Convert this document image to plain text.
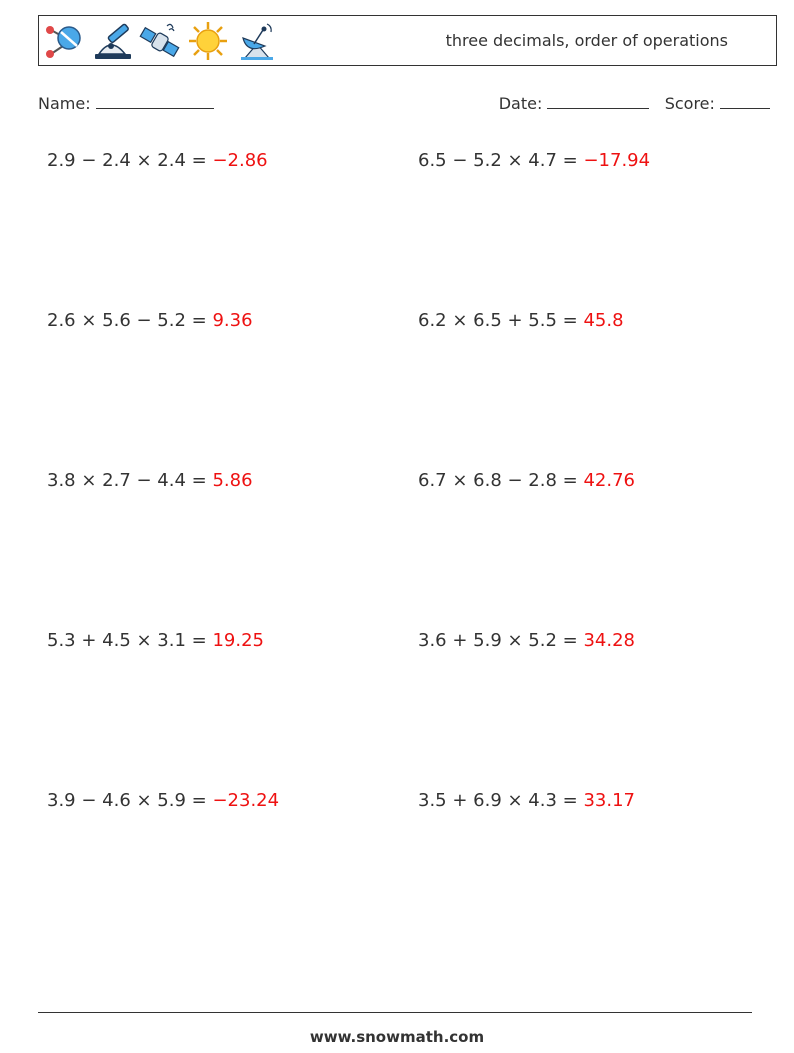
three decimals, order of operations
Name:	Date:	Score:
2.9 − 2.4 × 2.4 = −2.86	6.5 − 5.2 × 4.7 = −17.94
2.6 × 5.6 − 5.2 = 9.36	6.2 × 6.5 + 5.5 = 45.8
3.8 × 2.7 − 4.4 = 5.86	6.7 × 6.8 − 2.8 = 42.76
5.3 + 4.5 × 3.1 = 19.25	3.6 + 5.9 × 5.2 = 34.28
3.9 − 4.6 × 5.9 = −23.24	3.5 + 6.9 × 4.3 = 33.17
www.snowmath.com
